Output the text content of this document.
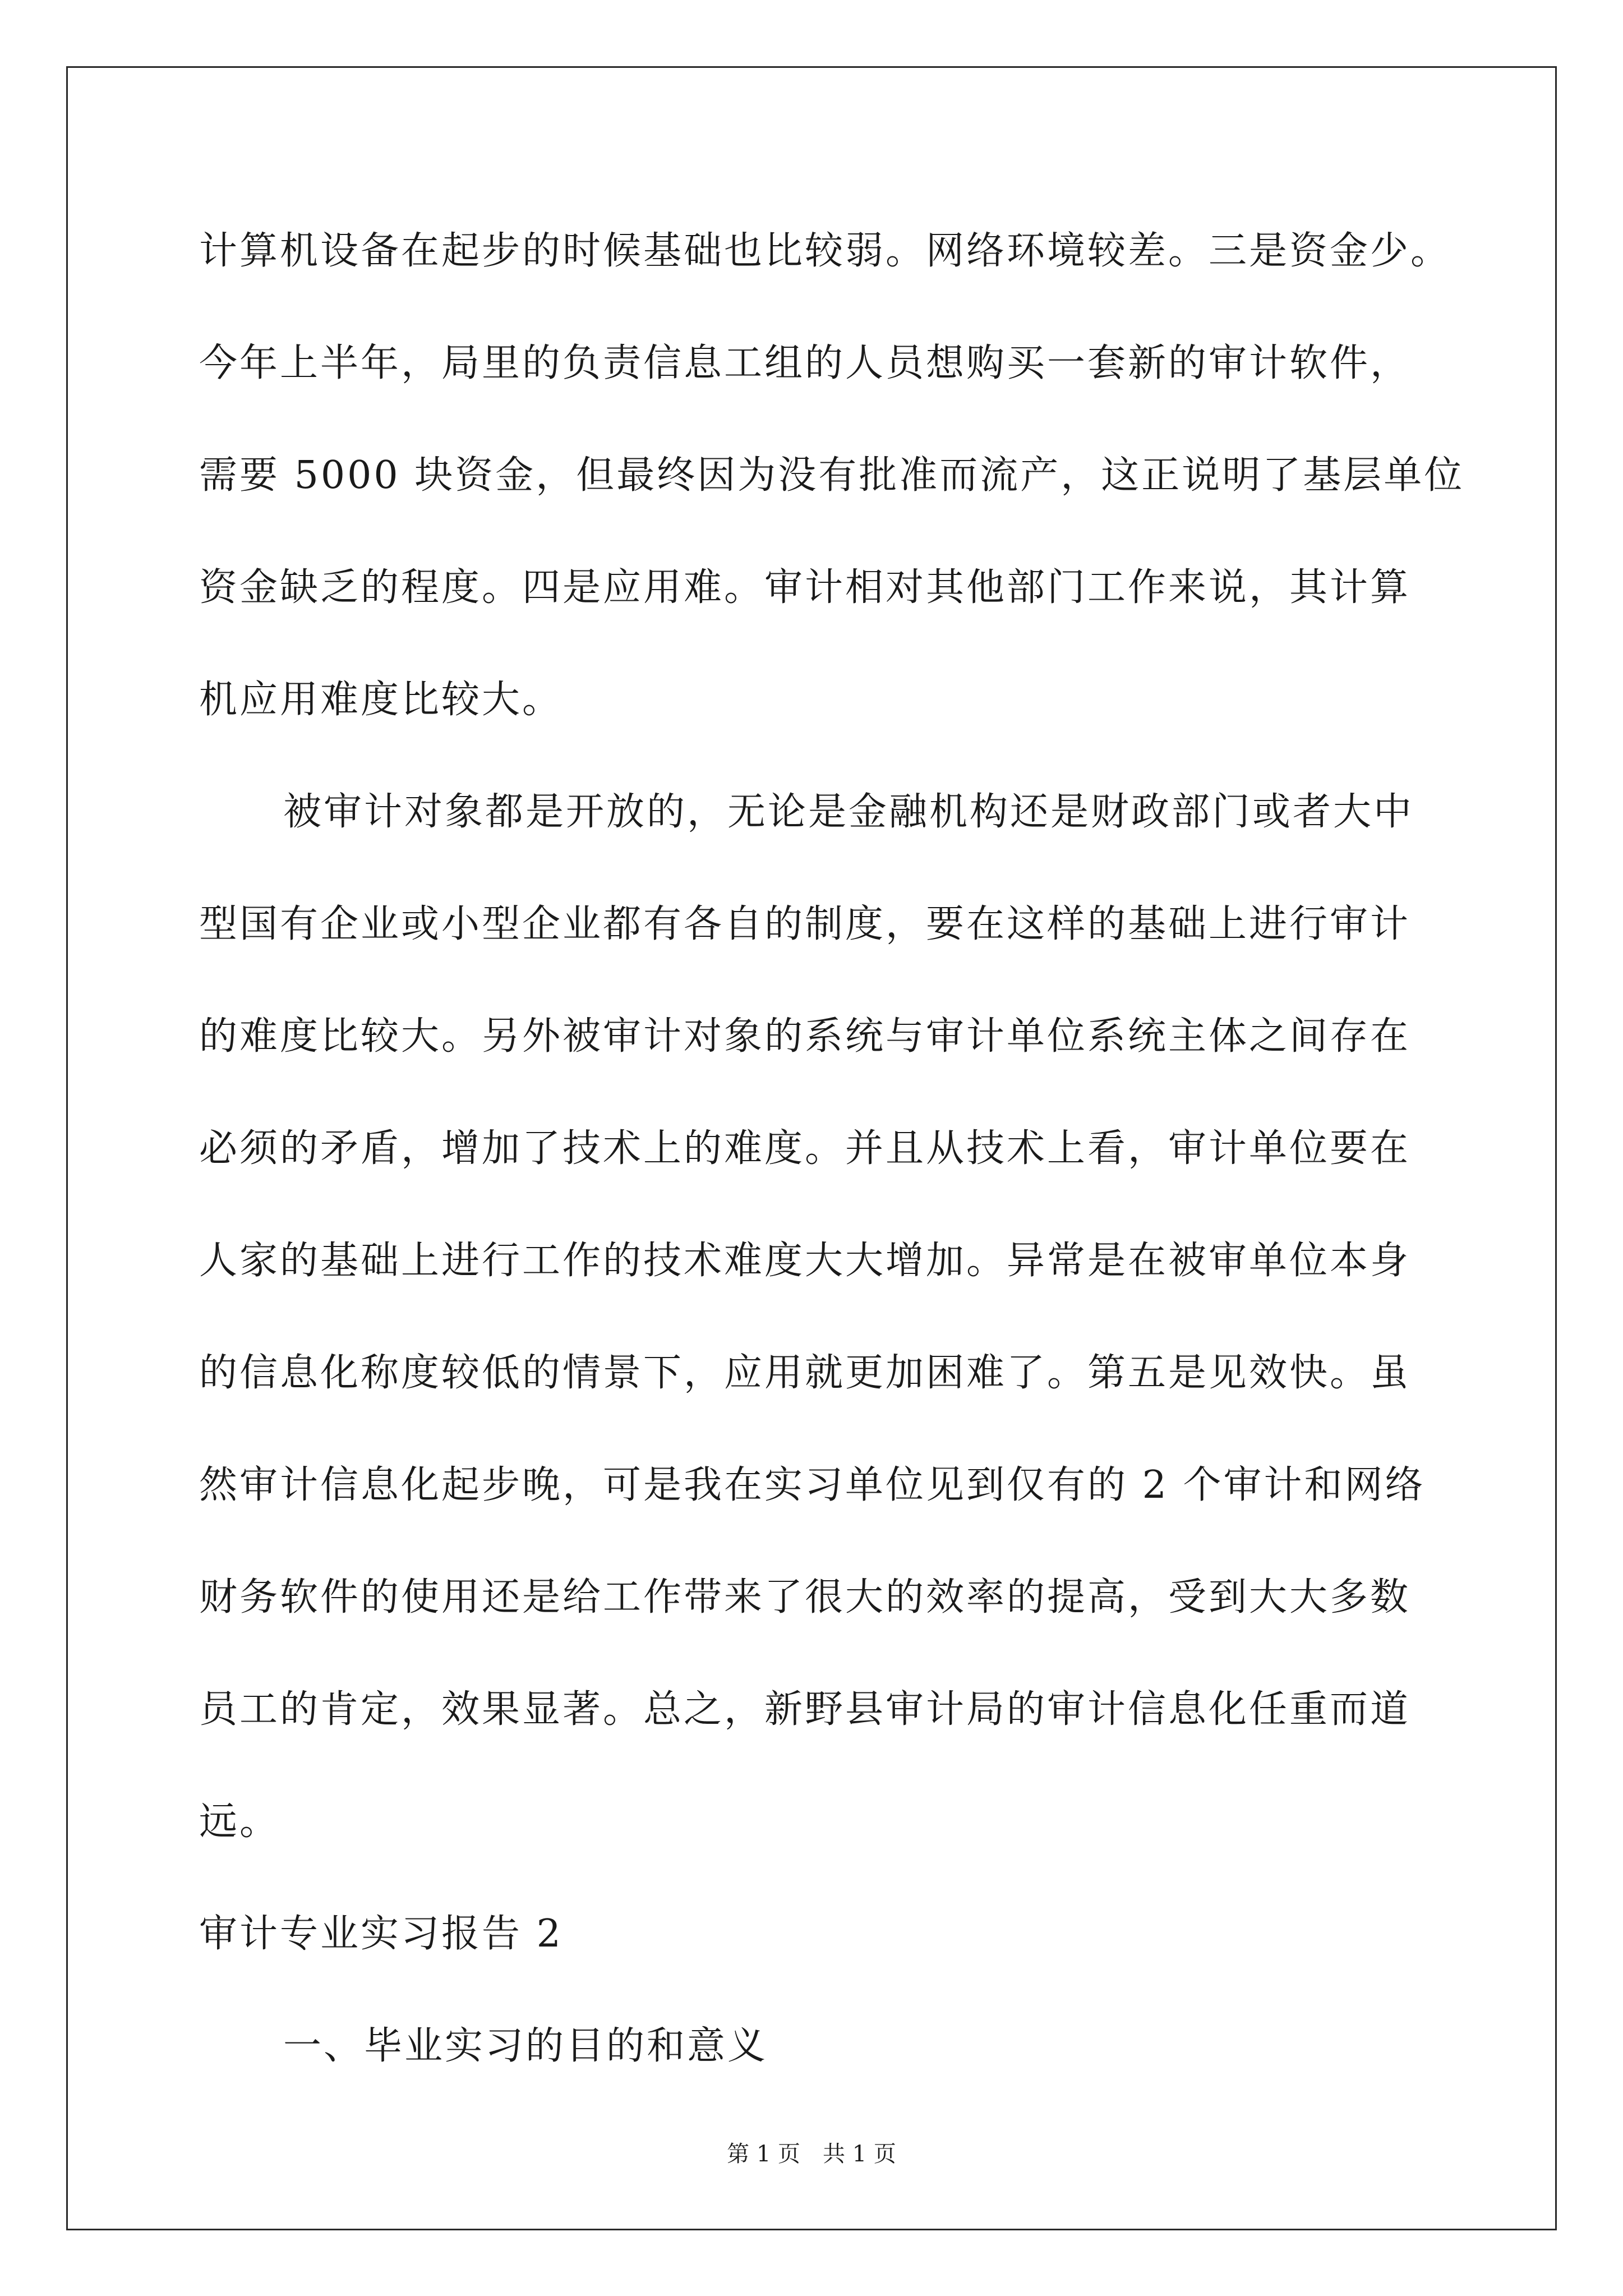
计算机设备在起步的时候基础也比较弱。网络环境较差。三是资金少。
今年上半年，局里的负责信息工组的人员想购买一套新的审计软件，
需要 5000 块资金，但最终因为没有批准而流产，这正说明了基层单位
资金缺乏的程度。四是应用难。审计相对其他部门工作来说，其计算
机应用难度比较大。
被审计对象都是开放的，无论是金融机构还是财政部门或者大中
型国有企业或小型企业都有各自的制度，要在这样的基础上进行审计
的难度比较大。另外被审计对象的系统与审计单位系统主体之间存在
必须的矛盾，增加了技术上的难度。并且从技术上看，审计单位要在
人家的基础上进行工作的技术难度大大增加。异常是在被审单位本身
的信息化称度较低的情景下，应用就更加困难了。第五是见效快。虽
然审计信息化起步晚，可是我在实习单位见到仅有的 2 个审计和网络
财务软件的使用还是给工作带来了很大的效率的提高，受到大大多数
员工的肯定，效果显著。总之，新野县审计局的审计信息化任重而道
远。
审计专业实习报告 2
一、毕业实习的目的和意义
第 1 页　共 1 页
